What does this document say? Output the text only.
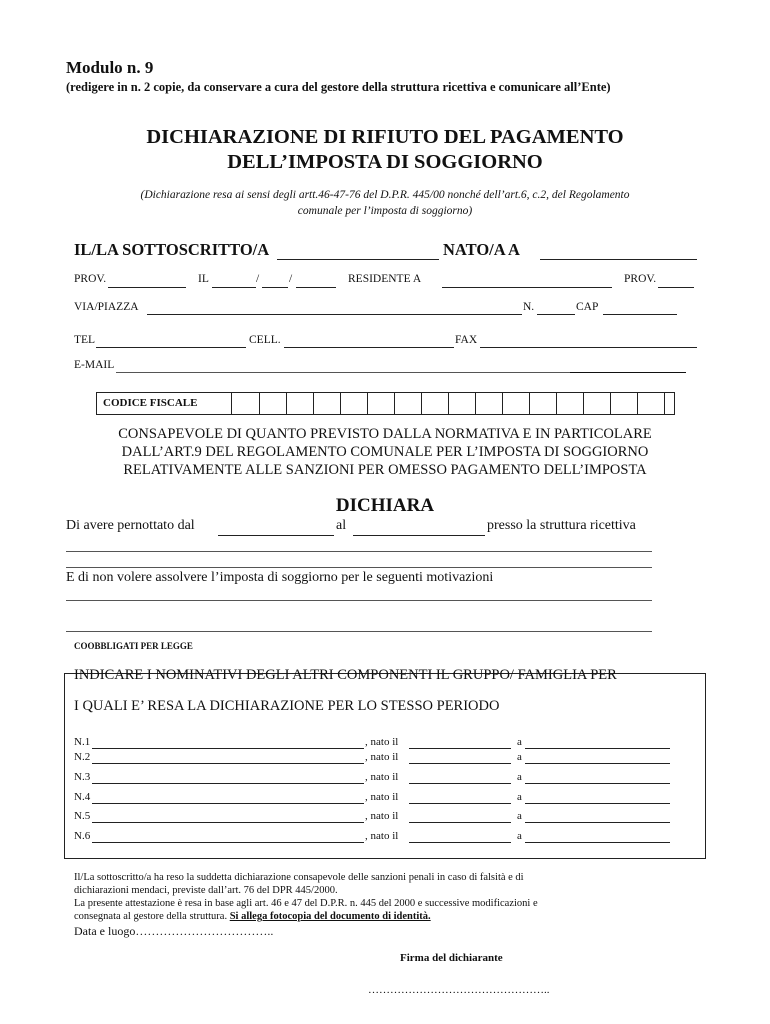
Modulo n. 9
(redigere in n. 2 copie, da conservare a cura del gestore della struttura ricettiva e comunicare all’Ente)
DICHIARAZIONE DI RIFIUTO DEL PAGAMENTO
DELL’IMPOSTA DI SOGGIORNO
(Dichiarazione resa ai sensi degli artt.46-47-76 del D.P.R. 445/00 nonché dell’art.6, c.2, del Regolamento
comunale per l’imposta di soggiorno)
IL/LA SOTTOSCRITTO/A	NATO/A A
PROV.	IL	/	/	RESIDENTE A	PROV.
VIA/PIAZZA	N.	CAP
TEL	CELL.	FAX
E-MAIL
CODICE FISCALE
CONSAPEVOLE DI QUANTO PREVISTO DALLA NORMATIVA E IN PARTICOLARE
DALL’ART.9 DEL REGOLAMENTO COMUNALE PER L’IMPOSTA DI SOGGIORNO
RELATIVAMENTE ALLE SANZIONI PER OMESSO PAGAMENTO DELL’IMPOSTA
DICHIARA
Di avere pernottato dal	al	presso la struttura ricettiva
E di non volere assolvere l’imposta di soggiorno per le seguenti motivazioni
COOBBLIGATI PER LEGGE
INDICARE I NOMINATIVI DEGLI ALTRI COMPONENTI IL GRUPPO/ FAMIGLIA PER
I QUALI E’ RESA LA DICHIARAZIONE PER LO STESSO PERIODO
N.1	, nato il	a
N.2	, nato il	a
N.3	, nato il	a
N.4	, nato il	a
N.5	, nato il	a
N.6	, nato il	a
Il/La sottoscritto/a ha reso la suddetta dichiarazione consapevole delle sanzioni penali in caso di falsità e di
dichiarazioni mendaci, previste dall’art. 76 del DPR 445/2000.
La presente attestazione è resa in base agli art. 46 e 47 del D.P.R. n. 445 del 2000 e successive modificazioni e
consegnata al gestore della struttura. Si allega fotocopia del documento di identità.
Data e luogo……………………………..
Firma del dichiarante
…………………………………………..
